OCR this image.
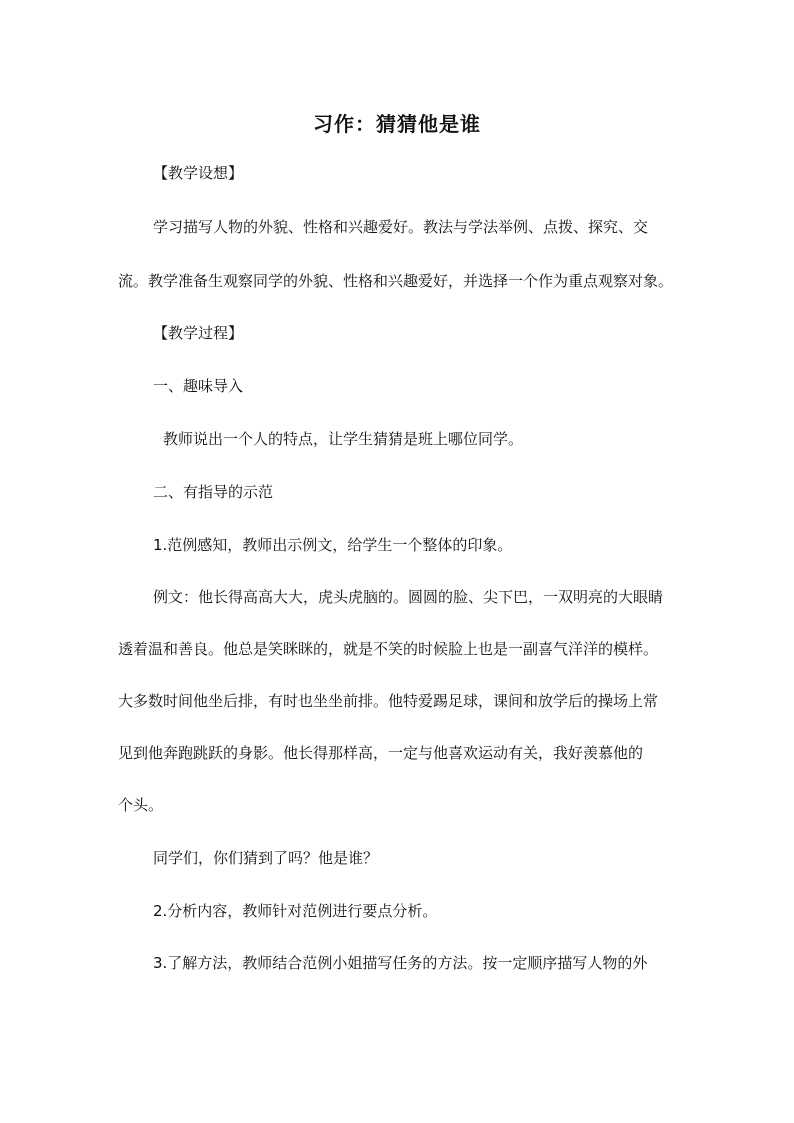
习作：猜猜他是谁
【教学设想】
学习描写人物的外貌、性格和兴趣爱好。教法与学法举例、点拨、探究、交
流。教学准备生观察同学的外貌、性格和兴趣爱好，并选择一个作为重点观察对象。
【教学过程】
一、趣味导入
教师说出一个人的特点，让学生猜猜是班上哪位同学。
二、有指导的示范
1.范例感知，教师出示例文，给学生一个整体的印象。
例文：他长得高高大大，虎头虎脑的。圆圆的脸、尖下巴，一双明亮的大眼睛
透着温和善良。他总是笑眯眯的，就是不笑的时候脸上也是一副喜气洋洋的模样。
大多数时间他坐后排，有时也坐坐前排。他特爱踢足球，课间和放学后的操场上常
见到他奔跑跳跃的身影。他长得那样高，一定与他喜欢运动有关，我好羡慕他的
个头。
同学们，你们猜到了吗？他是谁？
2.分析内容，教师针对范例进行要点分析。
3.了解方法，教师结合范例小姐描写任务的方法。按一定顺序描写人物的外
